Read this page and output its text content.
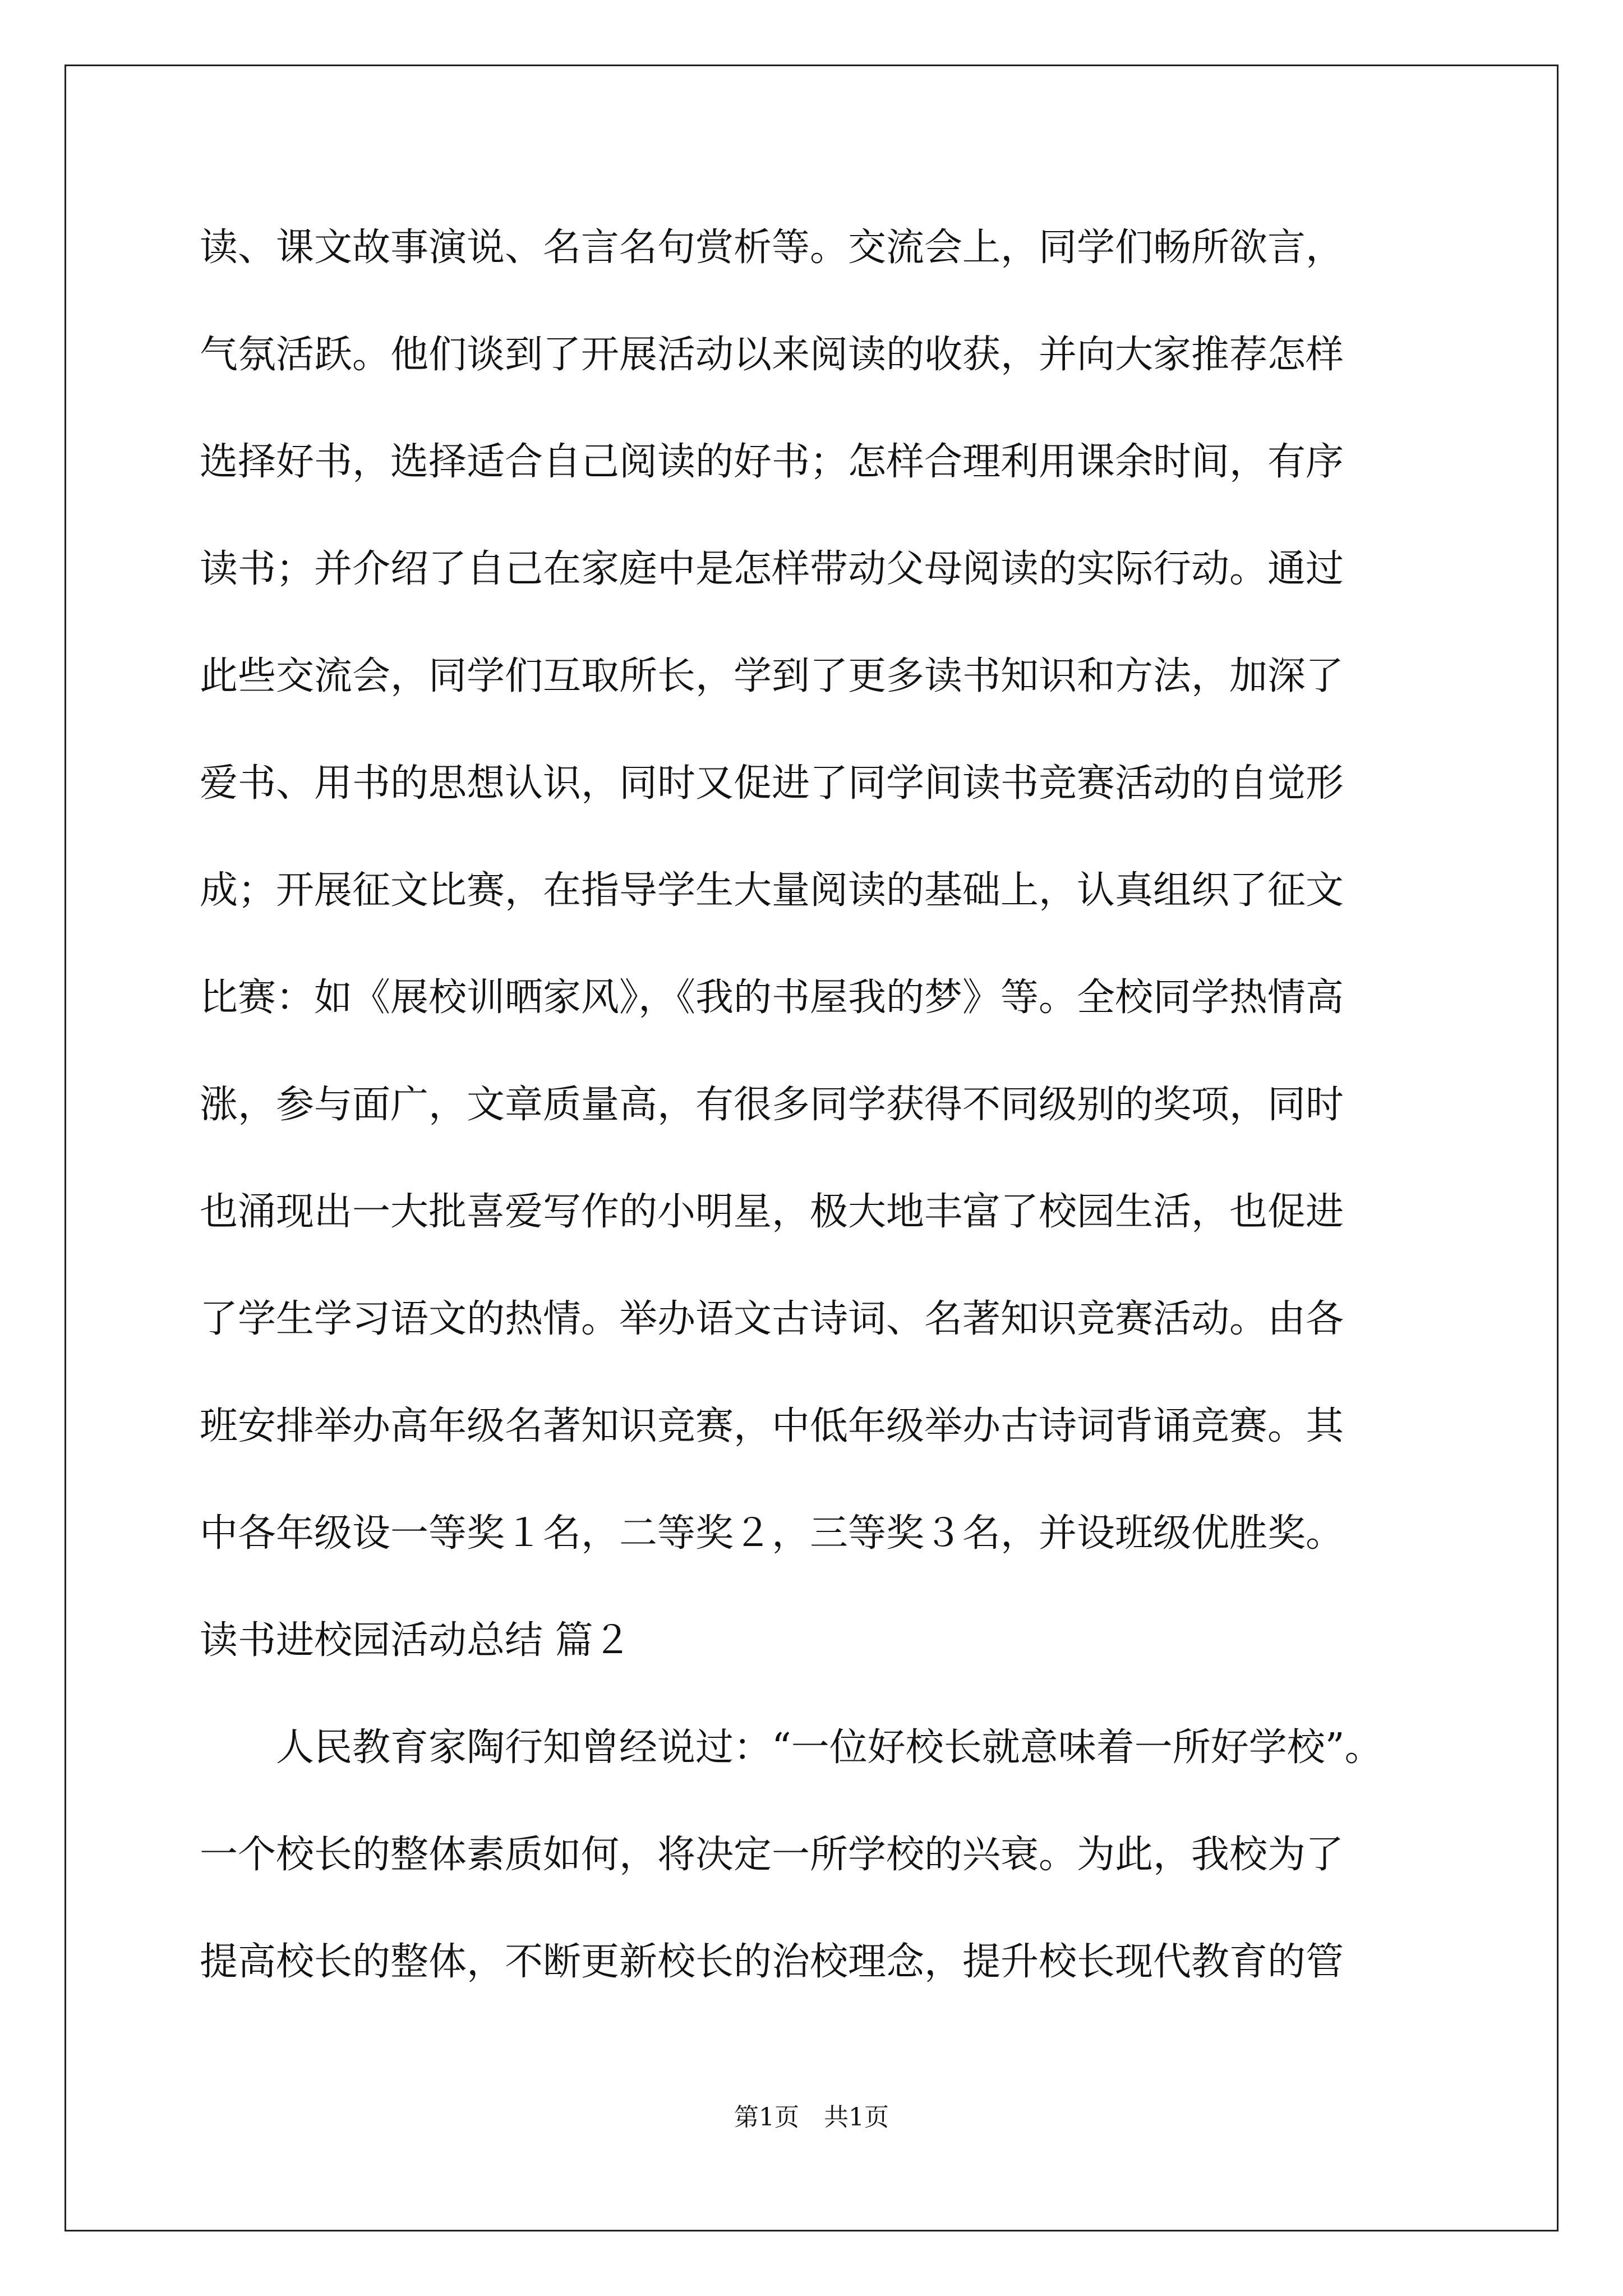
读、课文故事演说、名言名句赏析等。交流会上，同学们畅所欲言，
气氛活跃。他们谈到了开展活动以来阅读的收获，并向大家推荐怎样
选择好书，选择适合自己阅读的好书；怎样合理利用课余时间，有序
读书；并介绍了自己在家庭中是怎样带动父母阅读的实际行动。通过
此些交流会，同学们互取所长，学到了更多读书知识和方法，加深了
爱书、用书的思想认识，同时又促进了同学间读书竞赛活动的自觉形
成；开展征文比赛，在指导学生大量阅读的基础上，认真组织了征文
比赛：如《展校训晒家风》，《我的书屋我的梦》等。全校同学热情高
涨，参与面广，文章质量高，有很多同学获得不同级别的奖项，同时
也涌现出一大批喜爱写作的小明星，极大地丰富了校园生活，也促进
了学生学习语文的热情。举办语文古诗词、名著知识竞赛活动。由各
班安排举办高年级名著知识竞赛，中低年级举办古诗词背诵竞赛。其
中各年级设一等奖１名，二等奖２，三等奖３名，并设班级优胜奖。
读书进校园活动总结 篇２
人民教育家陶行知曾经说过：“一位好校长就意味着一所好学校”。
一个校长的整体素质如何，将决定一所学校的兴衰。为此，我校为了
提高校长的整体，不断更新校长的治校理念，提升校长现代教育的管
第1页　共1页
